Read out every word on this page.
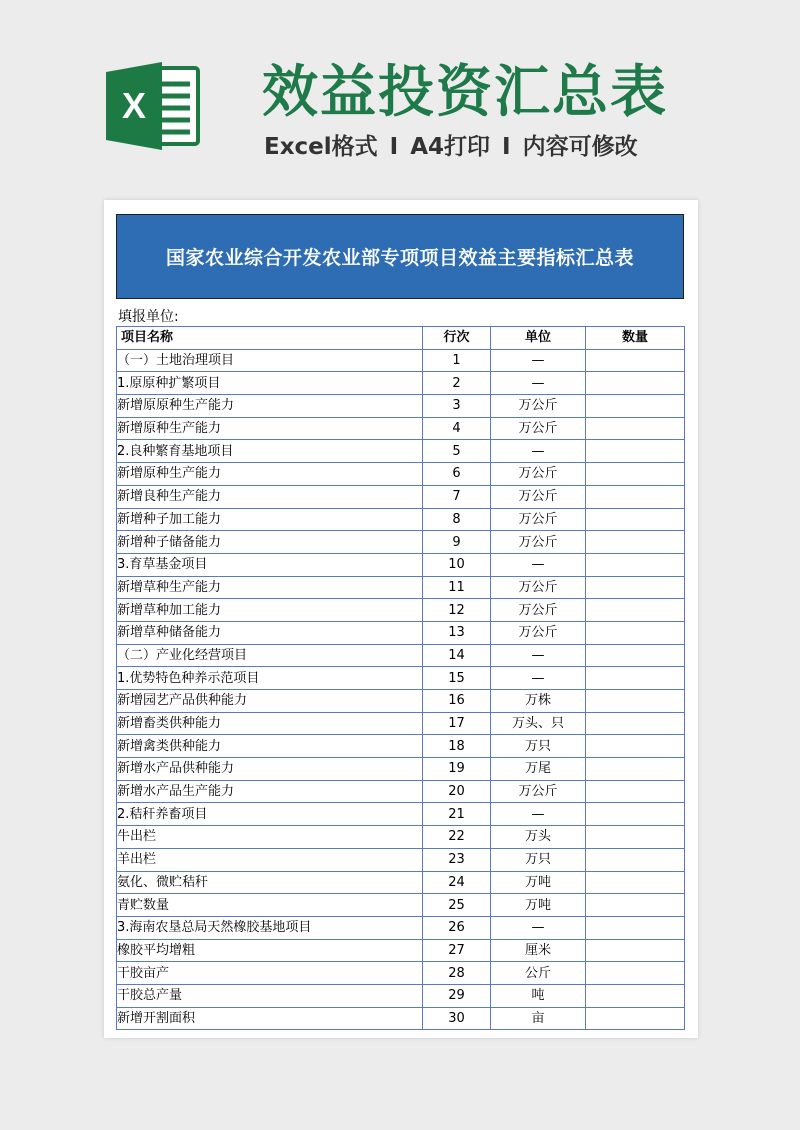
X 效益投资汇总表
Excel格式 I A4打印 I 内容可修改
国家农业综合开发农业部专项项目效益主要指标汇总表
填报单位:
项目名称	行次	单位	数量
（一）土地治理项目	1	—	
1.原原种扩繁项目	2	—	
新增原原种生产能力	3	万公斤	
新增原种生产能力	4	万公斤	
2.良种繁育基地项目	5	—	
新增原种生产能力	6	万公斤	
新增良种生产能力	7	万公斤	
新增种子加工能力	8	万公斤	
新增种子储备能力	9	万公斤	
3.育草基金项目	10	—	
新增草种生产能力	11	万公斤	
新增草种加工能力	12	万公斤	
新增草种储备能力	13	万公斤	
（二）产业化经营项目	14	—	
1.优势特色种养示范项目	15	—	
新增园艺产品供种能力	16	万株	
新增畜类供种能力	17	万头、只	
新增禽类供种能力	18	万只	
新增水产品供种能力	19	万尾	
新增水产品生产能力	20	万公斤	
2.秸秆养畜项目	21	—	
牛出栏	22	万头	
羊出栏	23	万只	
氨化、微贮秸秆	24	万吨	
青贮数量	25	万吨	
3.海南农垦总局天然橡胶基地项目	26	—	
橡胶平均增粗	27	厘米	
干胶亩产	28	公斤	
干胶总产量	29	吨	
新增开割面积	30	亩	
